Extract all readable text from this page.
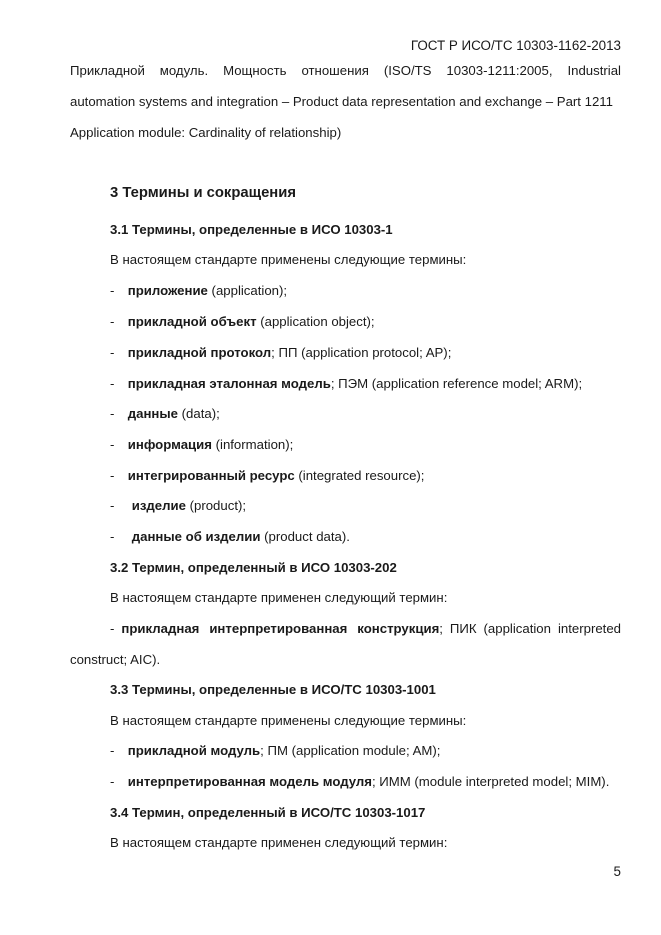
ГОСТ Р ИСО/ТС 10303-1162-2013
Прикладной модуль. Мощность отношения (ISO/TS 10303-1211:2005, Industrial
automation systems and integration – Product data representation and exchange – Part 1211
Application module: Cardinality of relationship)
3 Термины и сокращения
3.1 Термины, определенные в ИСО 10303-1
В настоящем стандарте применены следующие термины:
- приложение (application);
- прикладной объект (application object);
- прикладной протокол; ПП (application protocol; AP);
- прикладная эталонная модель; ПЭМ (application reference model; ARM);
- данные (data);
- информация (information);
- интегрированный ресурс (integrated resource);
- изделие (product);
- данные об изделии (product data).
3.2 Термин, определенный в ИСО 10303-202
В настоящем стандарте применен следующий термин:
- прикладная интерпретированная конструкция; ПИК (application interpreted
construct; AIC).
3.3 Термины, определенные в ИСО/ТС 10303-1001
В настоящем стандарте применены следующие термины:
- прикладной модуль; ПМ (application module; AM);
- интерпретированная модель модуля; ИММ (module interpreted model; MIM).
3.4 Термин, определенный в ИСО/ТС 10303-1017
В настоящем стандарте применен следующий термин:
5
